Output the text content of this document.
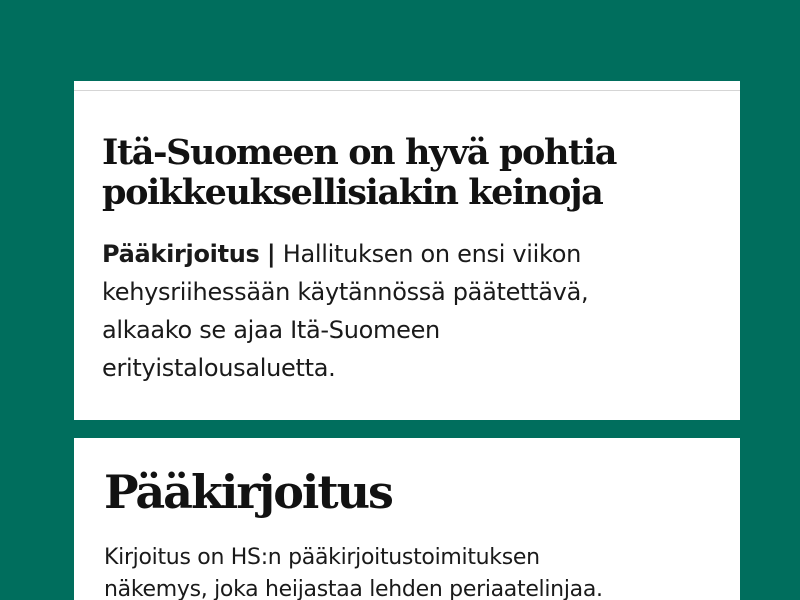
Itä-Suomeen on hyvä pohtia
poikkeuksellisiakin keinoja

Pääkirjoitus | Hallituksen on ensi viikon
kehysriihessään käytännössä päätettävä,
alkaako se ajaa Itä-Suomeen
erityistalousaluetta.

Pääkirjoitus

Kirjoitus on HS:n pääkirjoitustoimituksen
näkemys, joka heijastaa lehden periaatelinjaa.
